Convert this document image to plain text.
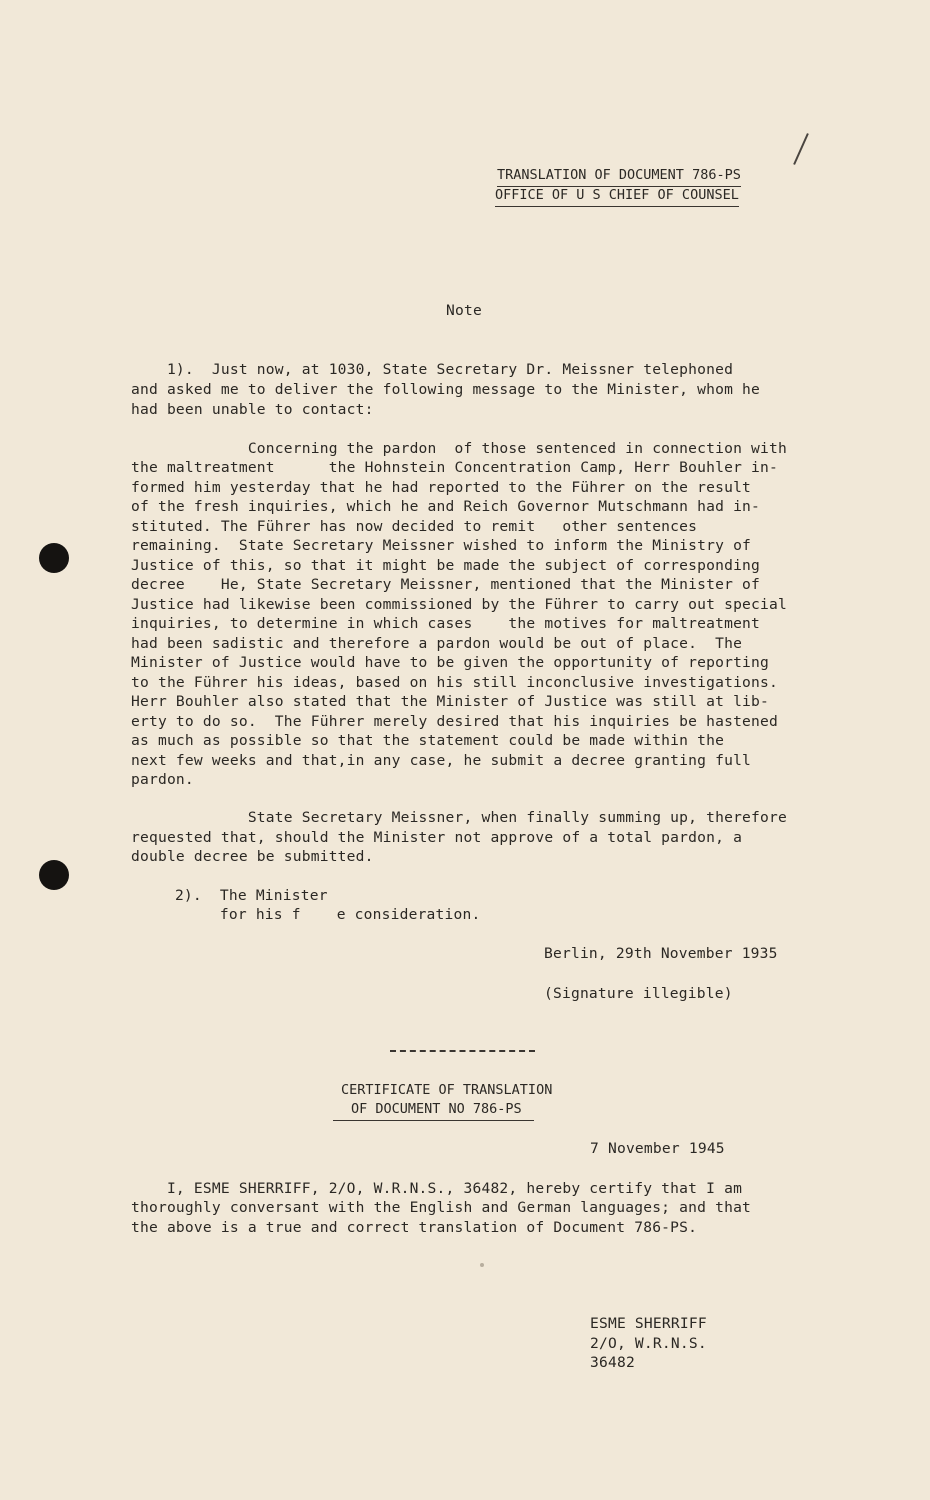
TRANSLATION OF DOCUMENT 786-PS
OFFICE OF U S CHIEF OF COUNSEL
Note
1).  Just now, at 1030, State Secretary Dr. Meissner telephoned
and asked me to deliver the following message to the Minister, whom he
had been unable to contact:
Concerning the pardon  of those sentenced in connection with
the maltreatment      the Hohnstein Concentration Camp, Herr Bouhler in-
formed him yesterday that he had reported to the Führer on the result
of the fresh inquiries, which he and Reich Governor Mutschmann had in-
stituted. The Führer has now decided to remit   other sentences
remaining.  State Secretary Meissner wished to inform the Ministry of
Justice of this, so that it might be made the subject of corresponding
decree    He, State Secretary Meissner, mentioned that the Minister of
Justice had likewise been commissioned by the Führer to carry out special
inquiries, to determine in which cases    the motives for maltreatment
had been sadistic and therefore a pardon would be out of place.  The
Minister of Justice would have to be given the opportunity of reporting
to the Führer his ideas, based on his still inconclusive investigations.
Herr Bouhler also stated that the Minister of Justice was still at lib-
erty to do so.  The Führer merely desired that his inquiries be hastened
as much as possible so that the statement could be made within the
next few weeks and that,in any case, he submit a decree granting full
pardon.
State Secretary Meissner, when finally summing up, therefore
requested that, should the Minister not approve of a total pardon, a
double decree be submitted.
2).  The Minister
for his f    e consideration.
Berlin, 29th November 1935
(Signature illegible)
CERTIFICATE OF TRANSLATION
OF DOCUMENT NO 786-PS
7 November 1945
I, ESME SHERRIFF, 2/O, W.R.N.S., 36482, hereby certify that I am
thoroughly conversant with the English and German languages; and that
the above is a true and correct translation of Document 786-PS.
ESME SHERRIFF
2/O, W.R.N.S.
36482
